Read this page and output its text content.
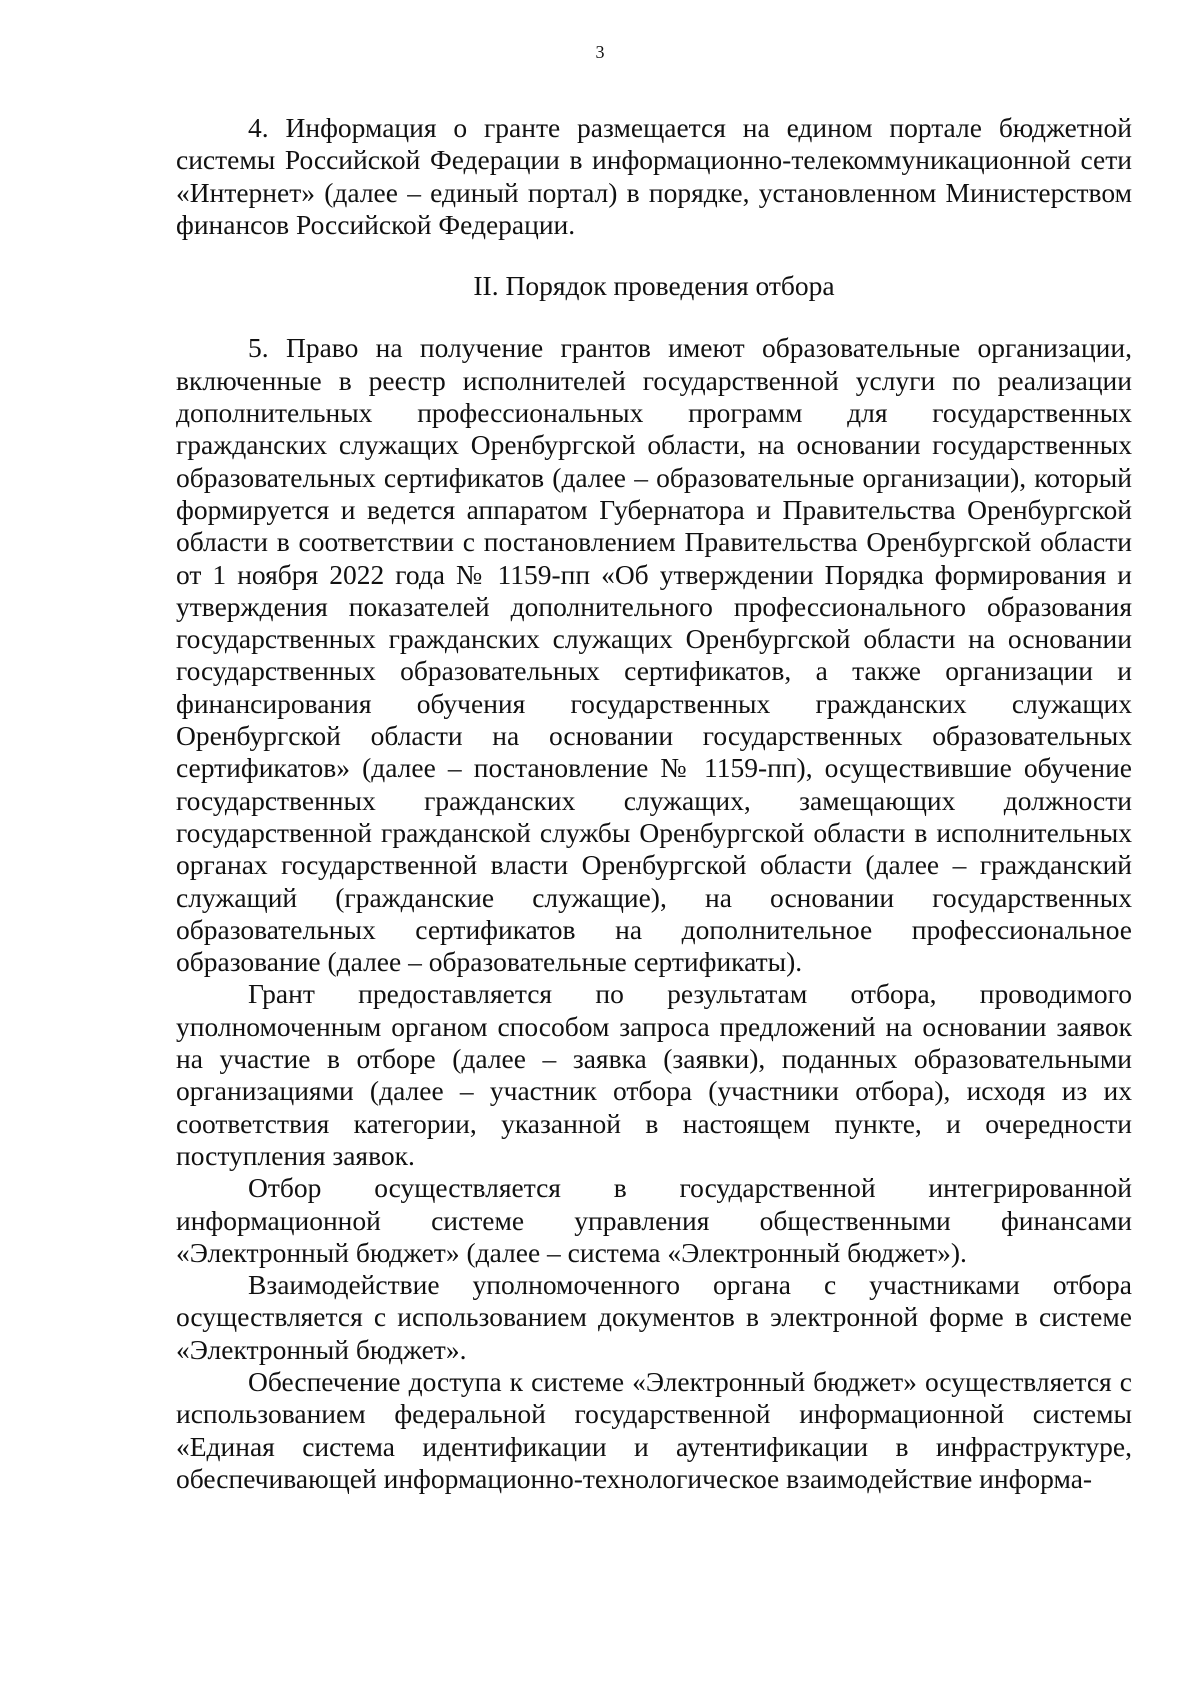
3

4. Информация о гранте размещается на едином портале бюджетной системы Российской Федерации в информационно-телекоммуникационной сети «Интернет» (далее – единый портал) в порядке, установленном Министерством финансов Российской Федерации.

II. Порядок проведения отбора

5. Право на получение грантов имеют образовательные организации, включенные в реестр исполнителей государственной услуги по реализации дополнительных профессиональных программ для государственных гражданских служащих Оренбургской области, на основании государственных образовательных сертификатов (далее – образовательные организации), который формируется и ведется аппаратом Губернатора и Правительства Оренбургской области в соответствии с постановлением Правительства Оренбургской области от 1 ноября 2022 года № 1159-пп «Об утверждении Порядка формирования и утверждения показателей дополнительного профессионального образования государственных гражданских служащих Оренбургской области на основании государственных образовательных сертификатов, а также организации и финансирования обучения государственных гражданских служащих Оренбургской области на основании государственных образовательных сертификатов» (далее – постановление № 1159-пп), осуществившие обучение государственных гражданских служащих, замещающих должности государственной гражданской службы Оренбургской области в исполнительных органах государственной власти Оренбургской области (далее – гражданский служащий (гражданские служащие), на основании государственных образовательных сертификатов на дополнительное профессиональное образование (далее – образовательные сертификаты).

Грант предоставляется по результатам отбора, проводимого уполномоченным органом способом запроса предложений на основании заявок на участие в отборе (далее – заявка (заявки), поданных образовательными организациями (далее – участник отбора (участники отбора), исходя из их соответствия категории, указанной в настоящем пункте, и очередности поступления заявок.

Отбор осуществляется в государственной интегрированной информационной системе управления общественными финансами «Электронный бюджет» (далее – система «Электронный бюджет»).

Взаимодействие уполномоченного органа с участниками отбора осуществляется с использованием документов в электронной форме в системе «Электронный бюджет».

Обеспечение доступа к системе «Электронный бюджет» осуществляется с использованием федеральной государственной информационной системы «Единая система идентификации и аутентификации в инфраструктуре, обеспечивающей информационно-технологическое взаимодействие информа-
